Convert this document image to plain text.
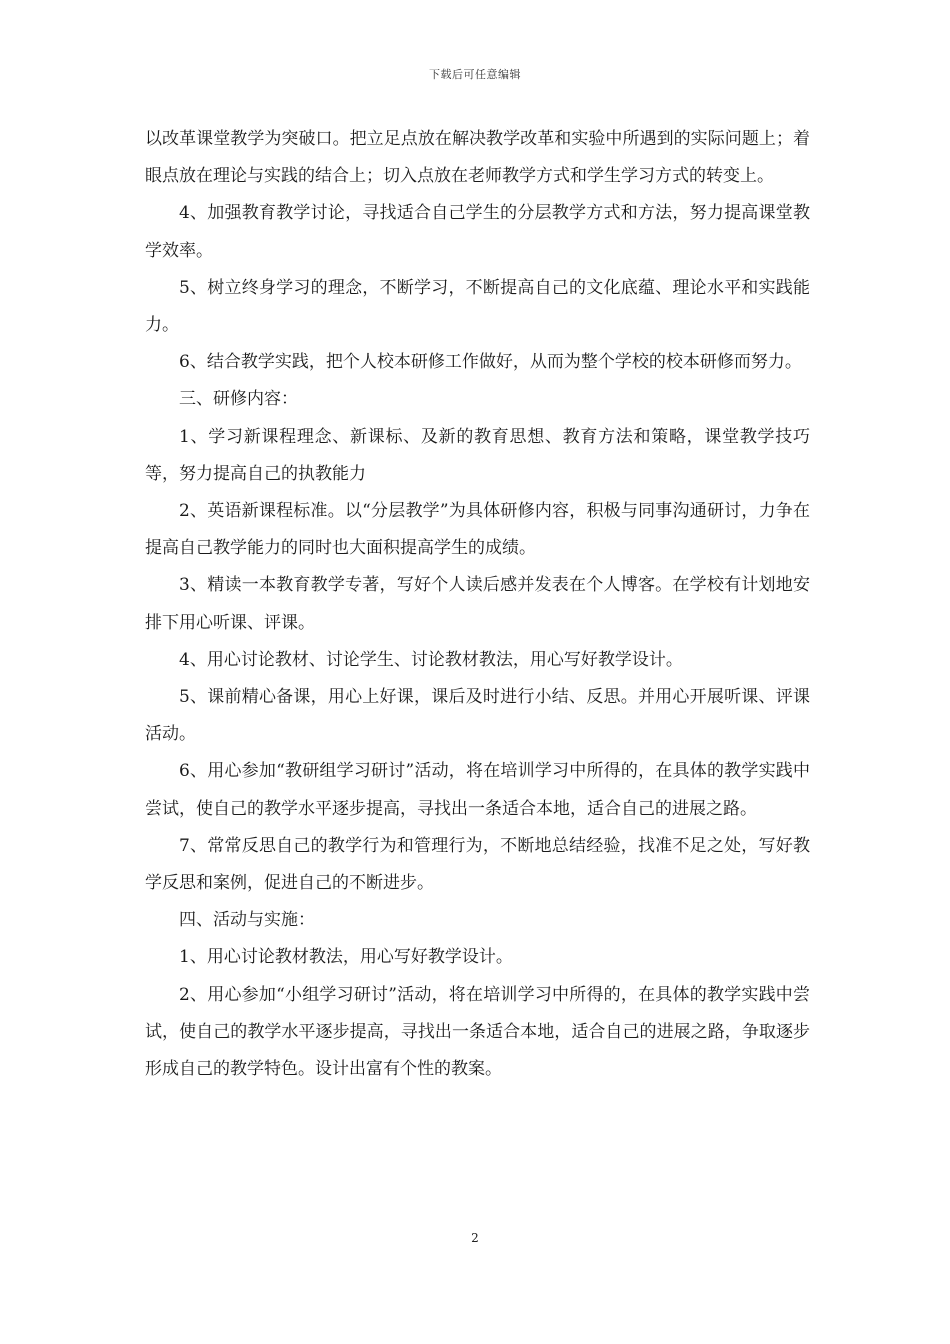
下载后可任意编辑

以改革课堂教学为突破口。把立足点放在解决教学改革和实验中所遇到的实际问题上；着眼点放在理论与实践的结合上；切入点放在老师教学方式和学生学习方式的转变上。

4、加强教育教学讨论，寻找适合自己学生的分层教学方式和方法，努力提高课堂教学效率。

5、树立终身学习的理念，不断学习，不断提高自己的文化底蕴、理论水平和实践能力。

6、结合教学实践，把个人校本研修工作做好，从而为整个学校的校本研修而努力。

三、研修内容：

1、学习新课程理念、新课标、及新的教育思想、教育方法和策略，课堂教学技巧等，努力提高自己的执教能力

2、英语新课程标准。以“分层教学”为具体研修内容，积极与同事沟通研讨，力争在提高自己教学能力的同时也大面积提高学生的成绩。

3、精读一本教育教学专著，写好个人读后感并发表在个人博客。在学校有计划地安排下用心听课、评课。

4、用心讨论教材、讨论学生、讨论教材教法，用心写好教学设计。

5、课前精心备课，用心上好课，课后及时进行小结、反思。并用心开展听课、评课活动。

6、用心参加“教研组学习研讨”活动，将在培训学习中所得的，在具体的教学实践中尝试，使自己的教学水平逐步提高，寻找出一条适合本地，适合自己的进展之路。

7、常常反思自己的教学行为和管理行为，不断地总结经验，找准不足之处，写好教学反思和案例，促进自己的不断进步。

四、活动与实施：

1、用心讨论教材教法，用心写好教学设计。

2、用心参加“小组学习研讨”活动，将在培训学习中所得的，在具体的教学实践中尝试，使自己的教学水平逐步提高，寻找出一条适合本地，适合自己的进展之路，争取逐步形成自己的教学特色。设计出富有个性的教案。

2
